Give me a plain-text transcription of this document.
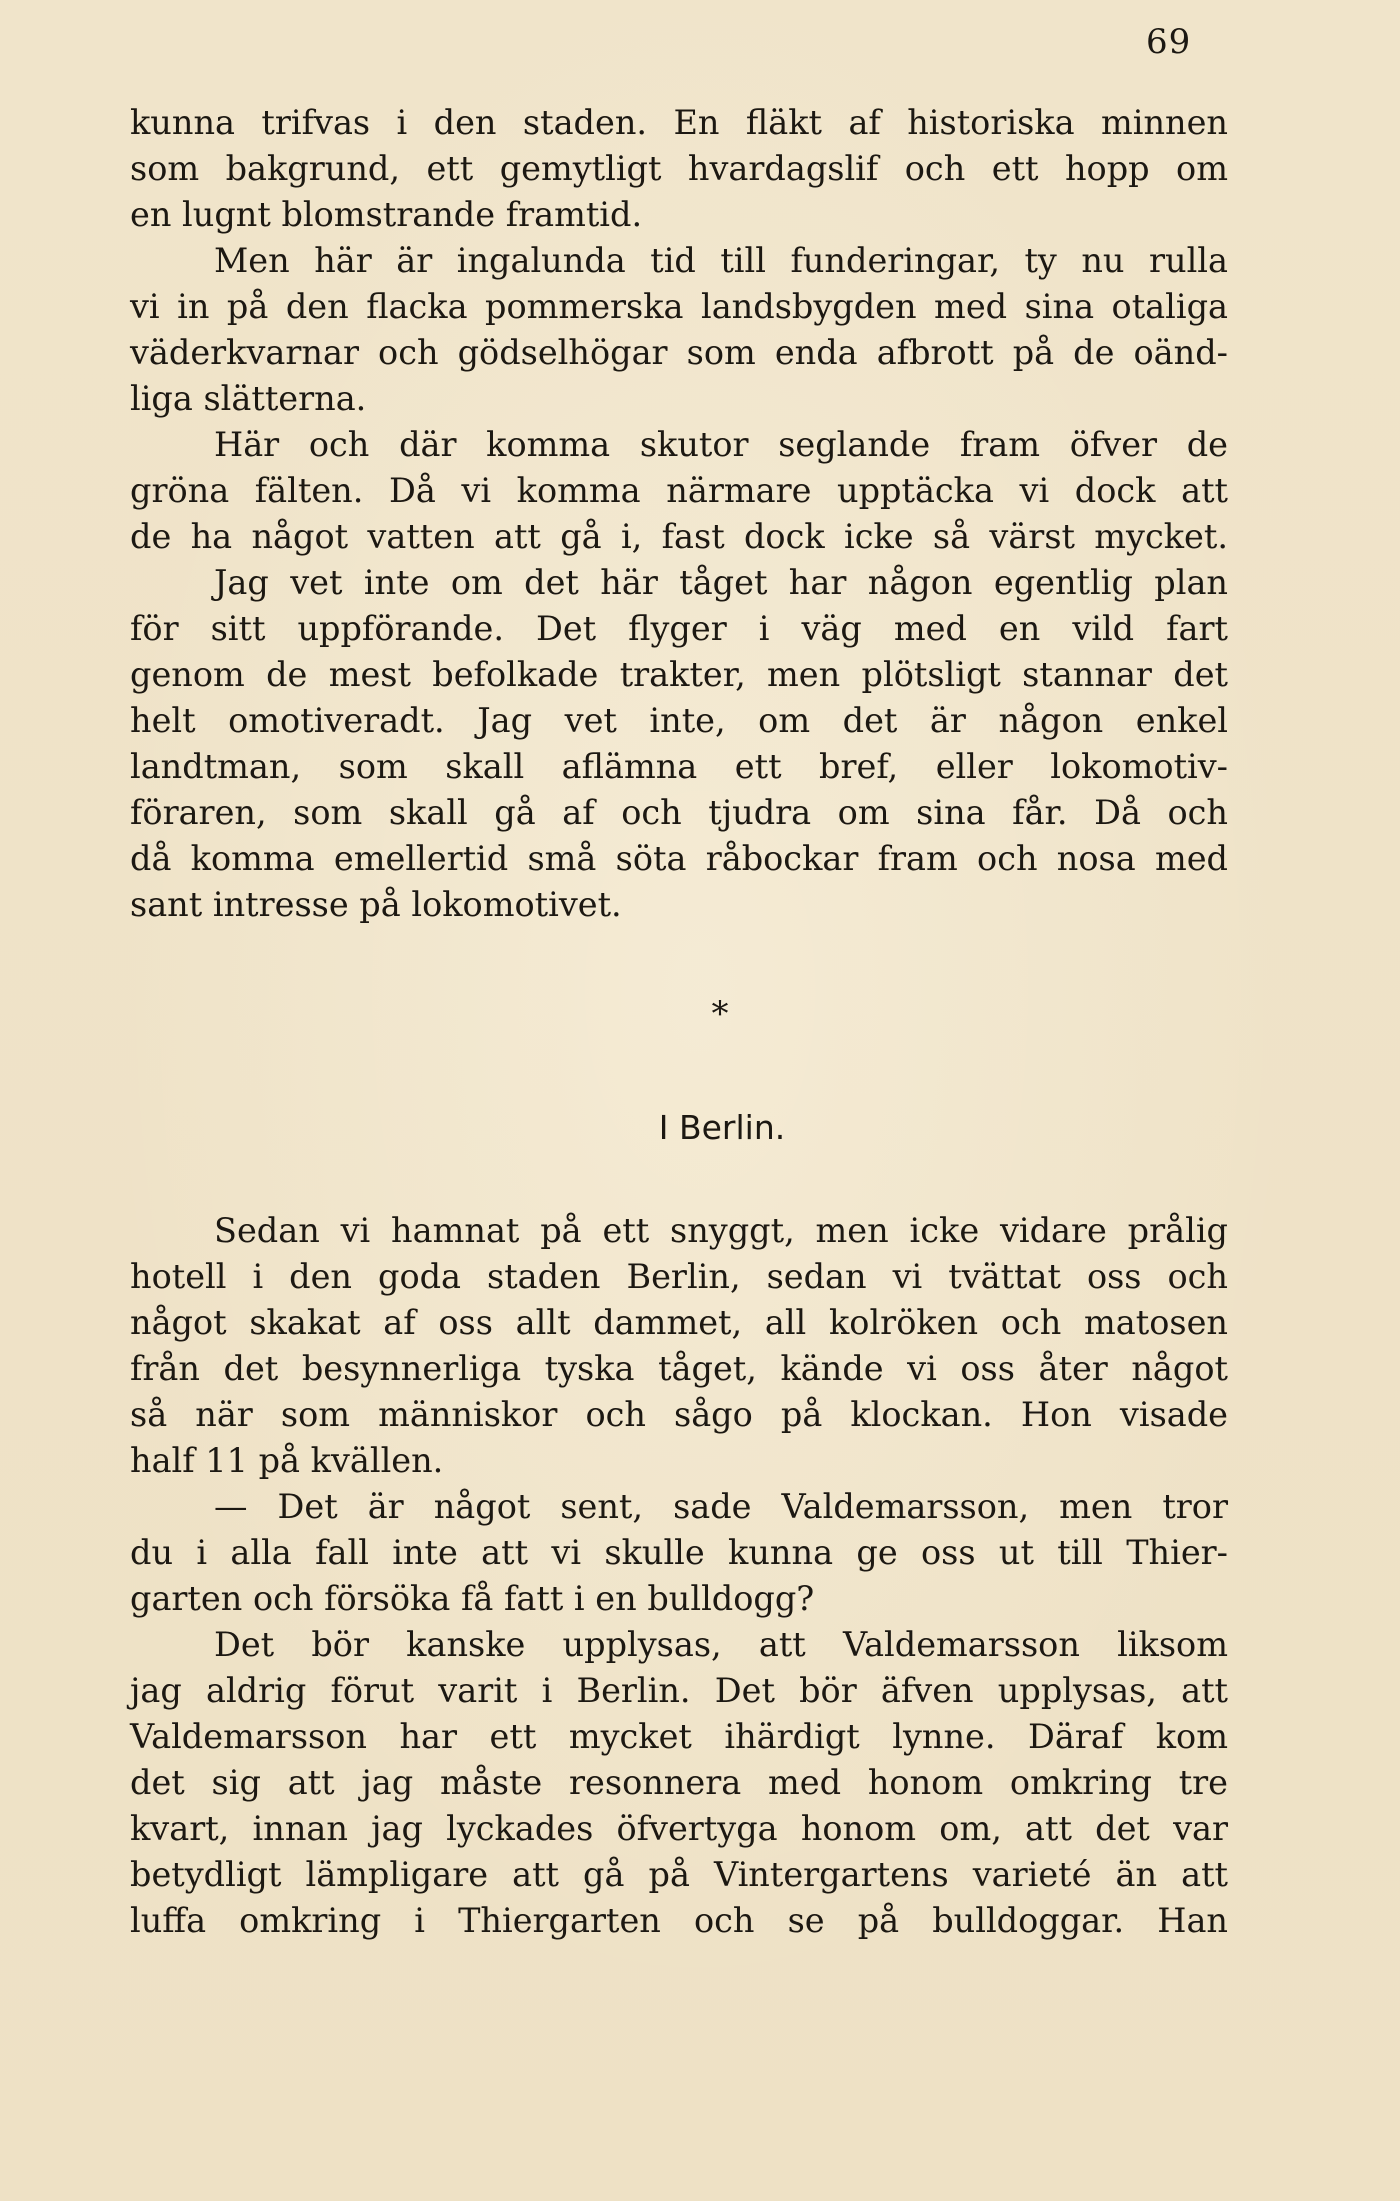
69
kunna trifvas i den staden. En fläkt af historiska minnen
som bakgrund, ett gemytligt hvardagslif och ett hopp om
en lugnt blomstrande framtid.
Men här är ingalunda tid till funderingar, ty nu rulla
vi in på den flacka pommerska landsbygden med sina otaliga
väderkvarnar och gödselhögar som enda afbrott på de oänd-
liga slätterna.
Här och där komma skutor seglande fram öfver de
gröna fälten. Då vi komma närmare upptäcka vi dock att
de ha något vatten att gå i, fast dock icke så värst mycket.
Jag vet inte om det här tåget har någon egentlig plan
för sitt uppförande. Det flyger i väg med en vild fart
genom de mest befolkade trakter, men plötsligt stannar det
helt omotiveradt. Jag vet inte, om det är någon enkel
landtman, som skall aflämna ett bref, eller lokomotiv-
föraren, som skall gå af och tjudra om sina får. Då och
då komma emellertid små söta råbockar fram och nosa med
sant intresse på lokomotivet.
*
I Berlin.
Sedan vi hamnat på ett snyggt, men icke vidare prålig
hotell i den goda staden Berlin, sedan vi tvättat oss och
något skakat af oss allt dammet, all kolröken och matosen
från det besynnerliga tyska tåget, kände vi oss åter något
så när som människor och sågo på klockan. Hon visade
half 11 på kvällen.
— Det är något sent, sade Valdemarsson, men tror
du i alla fall inte att vi skulle kunna ge oss ut till Thier-
garten och försöka få fatt i en bulldogg?
Det bör kanske upplysas, att Valdemarsson liksom
jag aldrig förut varit i Berlin. Det bör äfven upplysas, att
Valdemarsson har ett mycket ihärdigt lynne. Däraf kom
det sig att jag måste resonnera med honom omkring tre
kvart, innan jag lyckades öfvertyga honom om, att det var
betydligt lämpligare att gå på Vintergartens varieté än att
luffa omkring i Thiergarten och se på bulldoggar. Han
